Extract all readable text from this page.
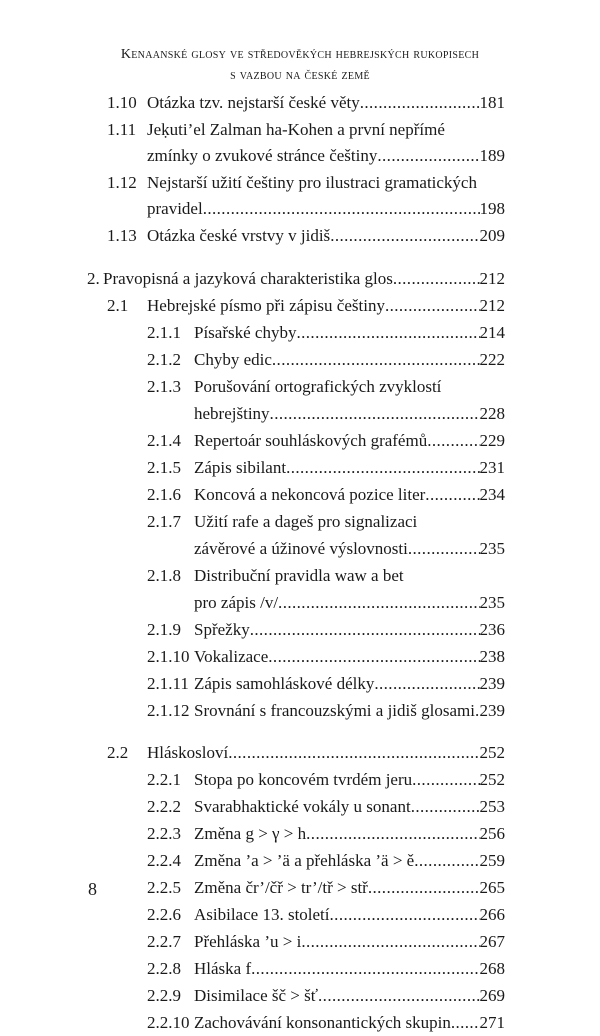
Kenaanské glosy ve středověkých hebrejských rukopisech
s vazbou na české země
1.10 Otázka tzv. nejstarší české věty .....	181
1.11 Jeḳuti’el Zalman ha-Kohen a první nepřímé
zmínky o zvukové stránce češtiny .....	189
1.12 Nejstarší užití češtiny pro ilustraci gramatických
pravidel .....	198
1.13 Otázka české vrstvy v jidiš .....	209
2. Pravopisná a jazyková charakteristika glos .....	212
2.1 Hebrejské písmo při zápisu češtiny .....	212
2.1.1 Písařské chyby .....	214
2.1.2 Chyby edic .....	222
2.1.3 Porušování ortografických zvyklostí
hebrejštiny .....	228
2.1.4 Repertoár souhláskových grafémů .....	229
2.1.5 Zápis sibilant .....	231
2.1.6 Koncová a nekoncová pozice liter .....	234
2.1.7 Užití rafe a dageš pro signalizaci
závěrové a úžinové výslovnosti .....	235
2.1.8 Distribuční pravidla waw a bet
pro zápis /v/ .....	235
2.1.9 Spřežky .....	236
2.1.10 Vokalizace .....	238
2.1.11 Zápis samohláskové délky .....	239
2.1.12 Srovnání s francouzskými a jidiš glosami ..... 239
2.2 Hláskosloví .....	252
2.2.1 Stopa po koncovém tvrdém jeru .....	252
2.2.2 Svarabhaktické vokály u sonant .....	253
2.2.3 Změna g > γ > h .....	256
2.2.4 Změna ’a > ’ä a přehláska ’ä > ě .....	259
2.2.5 Změna čr’/čř > tr’/tř > stř .....	265
2.2.6 Asibilace 13. století .....	266
2.2.7 Přehláska ’u > i .....	267
2.2.8 Hláska f .....	268
2.2.9 Disimilace šč > šť .....	269
2.2.10 Zachovávání konsonantických skupin ..... 271
8
